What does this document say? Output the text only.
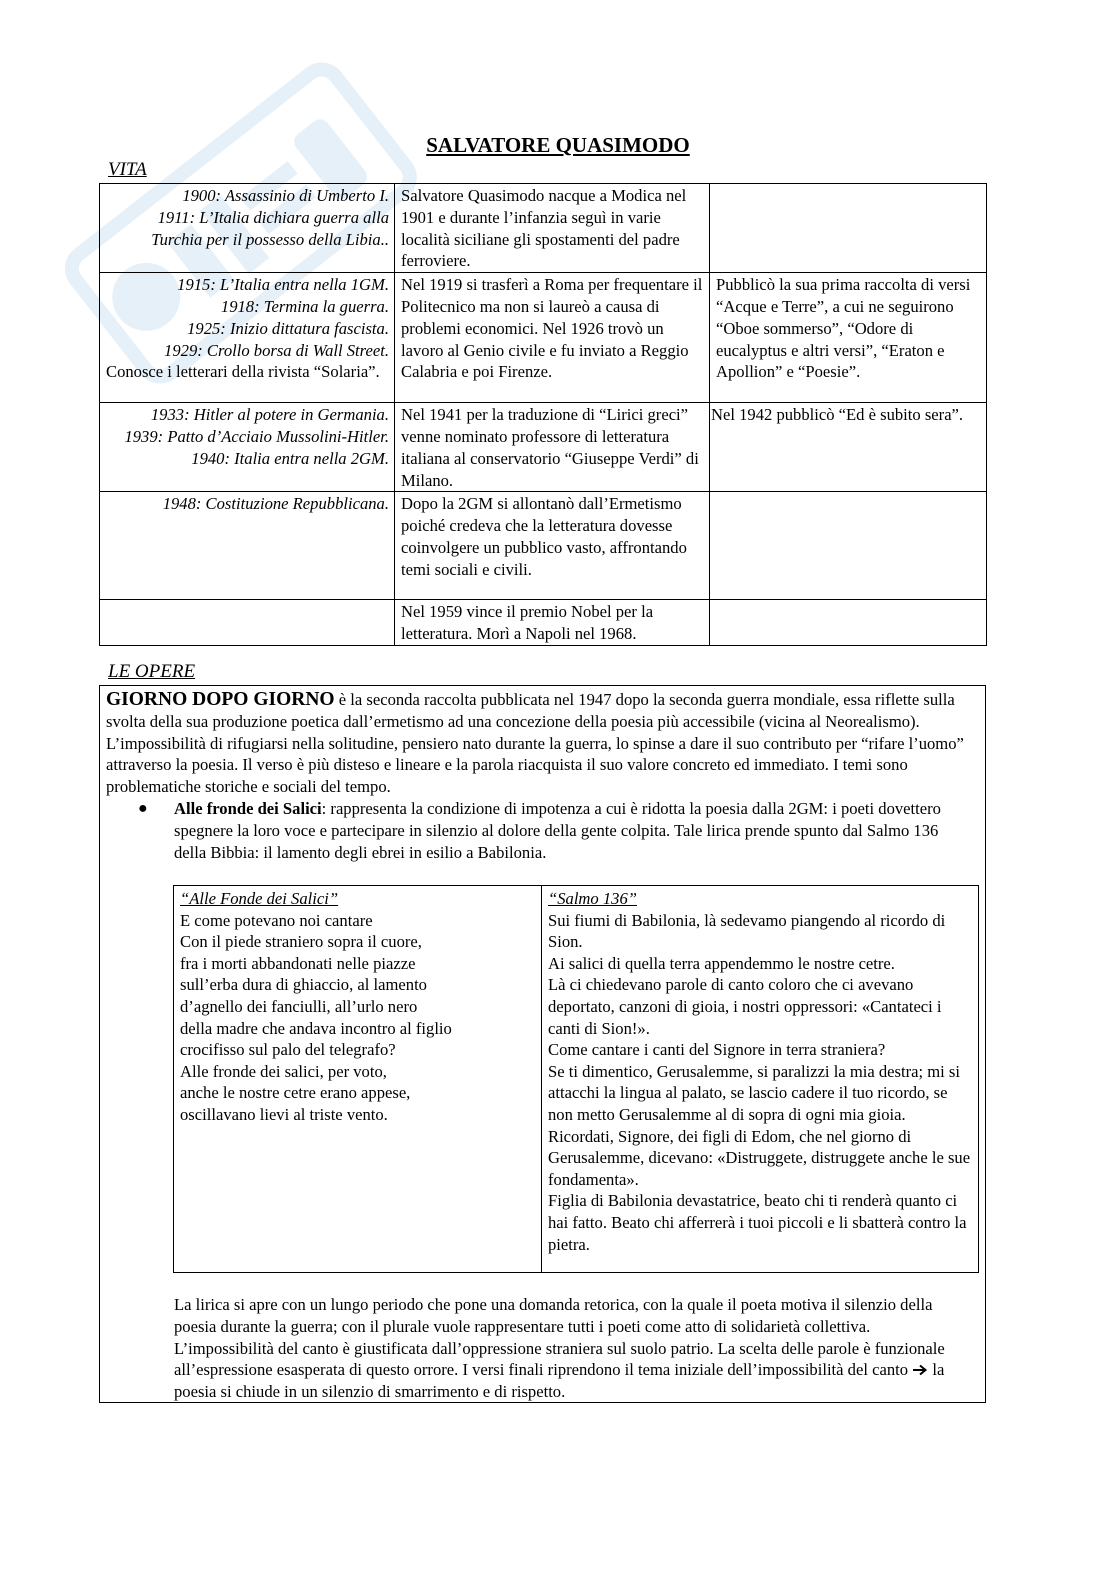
SALVATORE QUASIMODO
VITA
1900: Assassinio di Umberto I.
1911: L’Italia dichiara guerra alla Turchia per il possesso della Libia..	Salvatore Quasimodo nacque a Modica nel 1901 e durante l’infanzia seguì in varie località siciliane gli spostamenti del padre ferroviere.	

1915: L’Italia entra nella 1GM.
1918: Termina la guerra.
1925: Inizio dittatura fascista.
1929: Crollo borsa di Wall Street.
Conosce i letterari della rivista “Solaria”.	Nel 1919 si trasferì a Roma per frequentare il Politecnico ma non si laureò a causa di problemi economici. Nel 1926 trovò un lavoro al Genio civile e fu inviato a Reggio Calabria e poi Firenze.	Pubblicò la sua prima raccolta di versi “Acque e Terre”, a cui ne seguirono “Oboe sommerso”, “Odore di eucalyptus e altri versi”, “Eraton e Apollion” e “Poesie”.

1933: Hitler al potere in Germania.
1939: Patto d’Acciaio Mussolini-Hitler.
1940: Italia entra nella 2GM.	Nel 1941 per la traduzione di “Lirici greci” venne nominato professore di letteratura italiana al conservatorio “Giuseppe Verdi” di Milano.	Nel 1942 pubblicò “Ed è subito sera”.

1948: Costituzione Repubblicana.	Dopo la 2GM si allontanò dall’Ermetismo poiché credeva che la letteratura dovesse coinvolgere un pubblico vasto, affrontando temi sociali e civili.	
	Nel 1959 vince il premio Nobel per la letteratura. Morì a Napoli nel 1968.	
LE OPERE
GIORNO DOPO GIORNO è la seconda raccolta pubblicata nel 1947 dopo la seconda guerra mondiale, essa riflette sulla svolta della sua produzione poetica dall’ermetismo ad una concezione della poesia più accessibile (vicina al Neorealismo). L’impossibilità di rifugiarsi nella solitudine, pensiero nato durante la guerra, lo spinse a dare il suo contributo per “rifare l’uomo” attraverso la poesia. Il verso è più disteso e lineare e la parola riacquista il suo valore concreto ed immediato. I temi sono problematiche storiche e sociali del tempo.
● Alle fronde dei Salici: rappresenta la condizione di impotenza a cui è ridotta la poesia dalla 2GM: i poeti dovettero spegnere la loro voce e partecipare in silenzio al dolore della gente colpita. Tale lirica prende spunto dal Salmo 136 della Bibbia: il lamento degli ebrei in esilio a Babilonia.
“Alle Fonde dei Salici”
E come potevano noi cantare
Con il piede straniero sopra il cuore,
fra i morti abbandonati nelle piazze
sull’erba dura di ghiaccio, al lamento
d’agnello dei fanciulli, all’urlo nero
della madre che andava incontro al figlio
crocifisso sul palo del telegrafo?
Alle fronde dei salici, per voto,
anche le nostre cetre erano appese,
oscillavano lievi al triste vento.
	“Salmo 136”
Sui fiumi di Babilonia, là sedevamo piangendo al ricordo di Sion.
Ai salici di quella terra appendemmo le nostre cetre.
Là ci chiedevano parole di canto coloro che ci avevano deportato, canzoni di gioia, i nostri oppressori: «Cantateci i canti di Sion!».
Come cantare i canti del Signore in terra straniera?
Se ti dimentico, Gerusalemme, si paralizzi la mia destra; mi si attacchi la lingua al palato, se lascio cadere il tuo ricordo, se non metto Gerusalemme al di sopra di ogni mia gioia.
Ricordati, Signore, dei figli di Edom, che nel giorno di Gerusalemme, dicevano: «Distruggete, distruggete anche le sue fondamenta».
Figlia di Babilonia devastatrice, beato chi ti renderà quanto ci hai fatto. Beato chi afferrerà i tuoi piccoli e li sbatterà contro la pietra.
La lirica si apre con un lungo periodo che pone una domanda retorica, con la quale il poeta motiva il silenzio della poesia durante la guerra; con il plurale vuole rappresentare tutti i poeti come atto di solidarietà collettiva. L’impossibilità del canto è giustificata dall’oppressione straniera sul suolo patrio. La scelta delle parole è funzionale all’espressione esasperata di questo orrore. I versi finali riprendono il tema iniziale dell’impossibilità del canto  la poesia si chiude in un silenzio di smarrimento e di rispetto.
